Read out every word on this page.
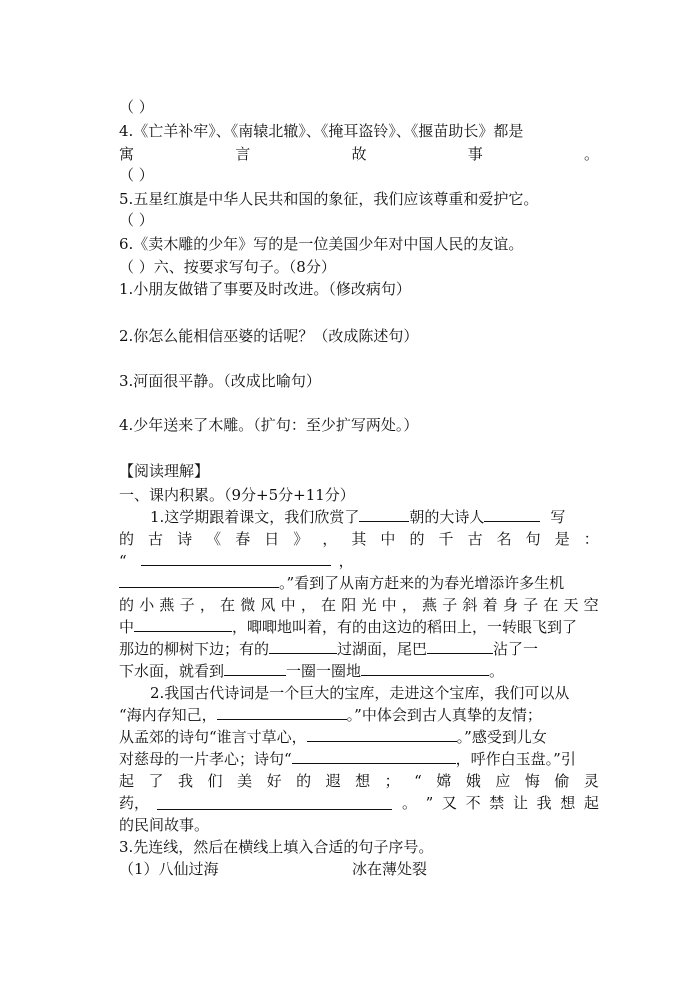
（ ）
4.《亡羊补牢》、《南辕北辙》、《掩耳盗铃》、《揠苗助长》都是
寓	言	故	事	。
（ ）
5.五星红旗是中华人民共和国的象征，我们应该尊重和爱护它。
（ ）
6.《卖木雕的少年》写的是一位美国少年对中国人民的友谊。
（ ）六、按要求写句子。（8分）
1.小朋友做错了事要及时改进。（修改病句）
2.你怎么能相信巫婆的话呢？（改成陈述句）
3.河面很平静。（改成比喻句）
4.少年送来了木雕。（扩句：至少扩写两处。）
【阅读理解】
一、课内积累。（9分+5分+11分）
1.这学期跟着课文，我们欣赏了	朝的大诗人	写
的 古 诗 《 春 日 》 ， 其 中 的 千 古 名 句 是 ：
“	，
。”看到了从南方赶来的为春光增添许多生机
的 小 燕 子 ， 在 微 风 中 ， 在 阳 光 中 ， 燕 子 斜 着 身 子 在 天 空
中	，唧唧地叫着，有的由这边的稻田上，一转眼飞到了
那边的柳树下边；有的	过湖面，尾巴	沾了一
下水面，就看到	一圈一圈地	。
2.我国古代诗词是一个巨大的宝库，走进这个宝库，我们可以从
“海内存知己，	。”中体会到古人真挚的友情；
从孟郊的诗句“谁言寸草心，	。”感受到儿女
对慈母的一片孝心；诗句“	，呼作白玉盘。”引
起 了 我 们 美 好 的 遐 想 ； “ 嫦 娥 应 悔 偷 灵
药，	。 ” 又 不 禁 让 我 想 起
的民间故事。
3.先连线，然后在横线上填入合适的句子序号。
（1）八仙过海	冰在薄处裂
